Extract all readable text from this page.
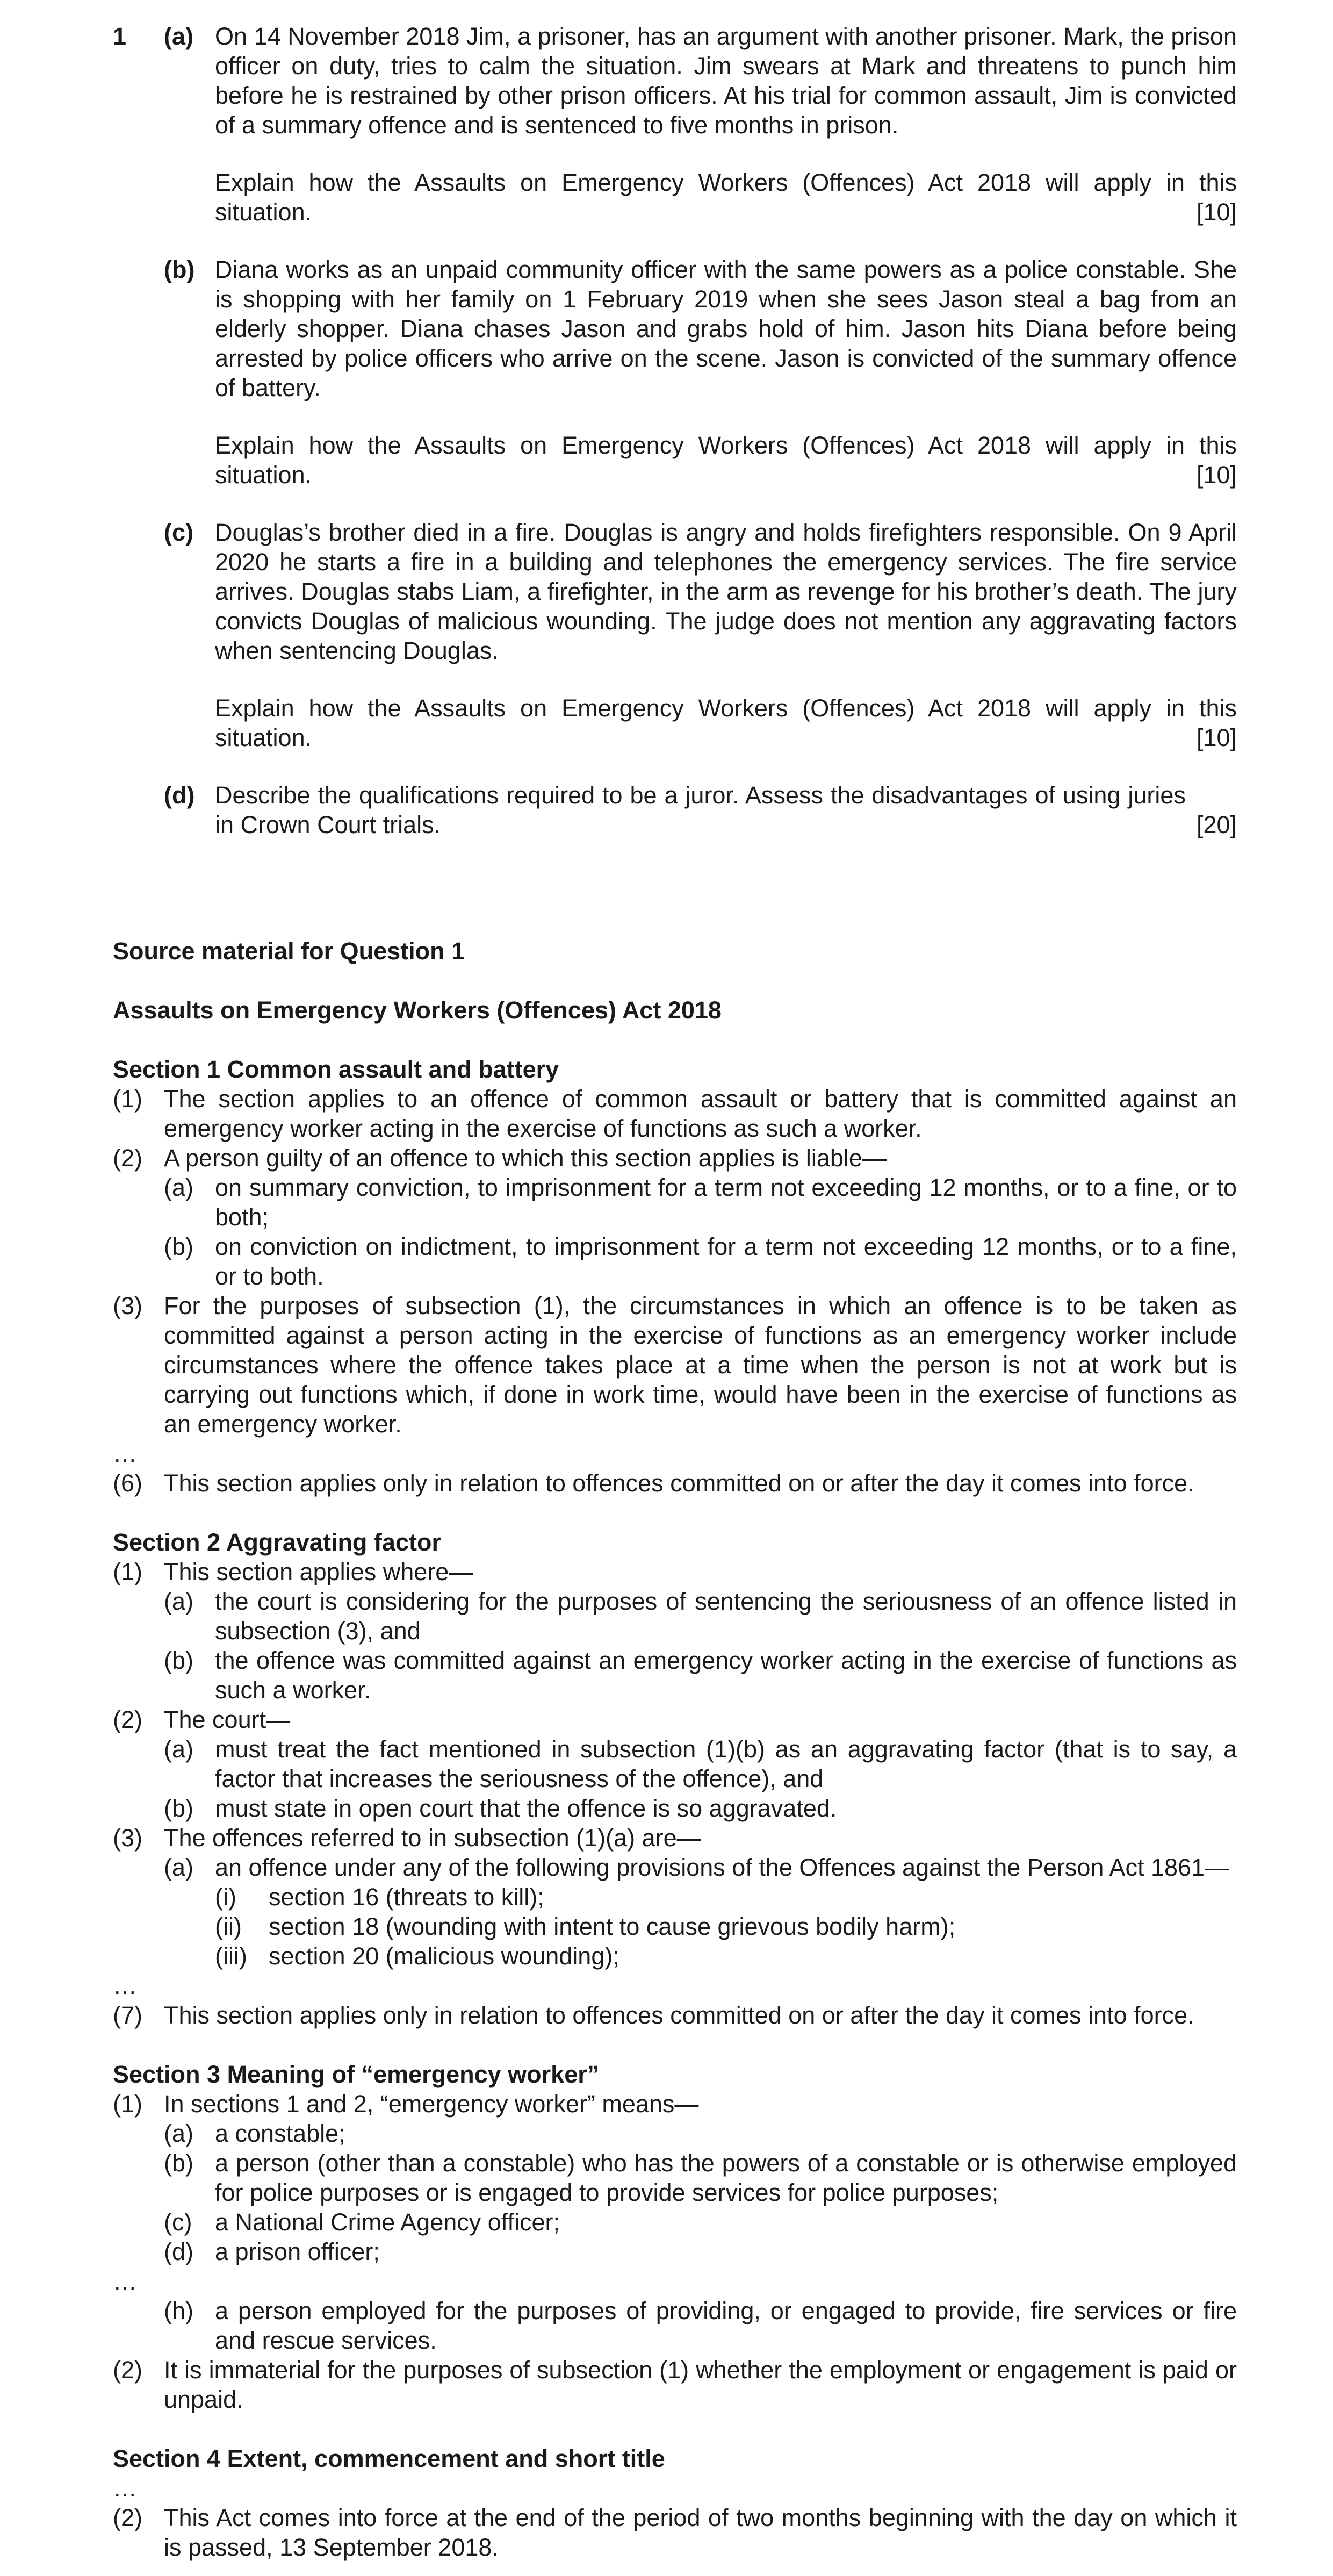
1 (a) On 14 November 2018 Jim, a prisoner, has an argument with another prisoner. Mark, the prison officer on duty, tries to calm the situation. Jim swears at Mark and threatens to punch him before he is restrained by other prison officers. At his trial for common assault, Jim is convicted of a summary offence and is sentenced to five months in prison.

Explain how the Assaults on Emergency Workers (Offences) Act 2018 will apply in this
situation.	[10]
(b) Diana works as an unpaid community officer with the same powers as a police constable. She is shopping with her family on 1 February 2019 when she sees Jason steal a bag from an elderly shopper. Diana chases Jason and grabs hold of him. Jason hits Diana before being arrested by police officers who arrive on the scene. Jason is convicted of the summary offence of battery.

Explain how the Assaults on Emergency Workers (Offences) Act 2018 will apply in this
situation.	[10]
(c) Douglas’s brother died in a fire. Douglas is angry and holds firefighters responsible. On 9 April 2020 he starts a fire in a building and telephones the emergency services. The fire service arrives. Douglas stabs Liam, a firefighter, in the arm as revenge for his brother’s death. The jury convicts Douglas of malicious wounding. The judge does not mention any aggravating factors when sentencing Douglas.

Explain how the Assaults on Emergency Workers (Offences) Act 2018 will apply in this
situation.	[10]
(d) Describe the qualifications required to be a juror. Assess the disadvantages of using juries in Crown Court trials.	[20]
Source material for Question 1
Assaults on Emergency Workers (Offences) Act 2018
Section 1 Common assault and battery
(1) The section applies to an offence of common assault or battery that is committed against an emergency worker acting in the exercise of functions as such a worker.
(2) A person guilty of an offence to which this section applies is liable—
(a) on summary conviction, to imprisonment for a term not exceeding 12 months, or to a fine, or to both;
(b) on conviction on indictment, to imprisonment for a term not exceeding 12 months, or to a fine, or to both.
(3) For the purposes of subsection (1), the circumstances in which an offence is to be taken as committed against a person acting in the exercise of functions as an emergency worker include circumstances where the offence takes place at a time when the person is not at work but is carrying out functions which, if done in work time, would have been in the exercise of functions as an emergency worker.
…
(6) This section applies only in relation to offences committed on or after the day it comes into force.
Section 2 Aggravating factor
(1) This section applies where—
(a) the court is considering for the purposes of sentencing the seriousness of an offence listed in subsection (3), and
(b) the offence was committed against an emergency worker acting in the exercise of functions as such a worker.
(2) The court—
(a) must treat the fact mentioned in subsection (1)(b) as an aggravating factor (that is to say, a factor that increases the seriousness of the offence), and
(b) must state in open court that the offence is so aggravated.
(3) The offences referred to in subsection (1)(a) are—
(a) an offence under any of the following provisions of the Offences against the Person Act 1861—
(i) section 16 (threats to kill);
(ii) section 18 (wounding with intent to cause grievous bodily harm);
(iii) section 20 (malicious wounding);
…
(7) This section applies only in relation to offences committed on or after the day it comes into force.
Section 3 Meaning of “emergency worker”
(1) In sections 1 and 2, “emergency worker” means—
(a) a constable;
(b) a person (other than a constable) who has the powers of a constable or is otherwise employed for police purposes or is engaged to provide services for police purposes;
(c) a National Crime Agency officer;
(d) a prison officer;
…
(h) a person employed for the purposes of providing, or engaged to provide, fire services or fire and rescue services.
(2) It is immaterial for the purposes of subsection (1) whether the employment or engagement is paid or unpaid.
Section 4 Extent, commencement and short title
…
(2) This Act comes into force at the end of the period of two months beginning with the day on which it is passed, 13 September 2018.
